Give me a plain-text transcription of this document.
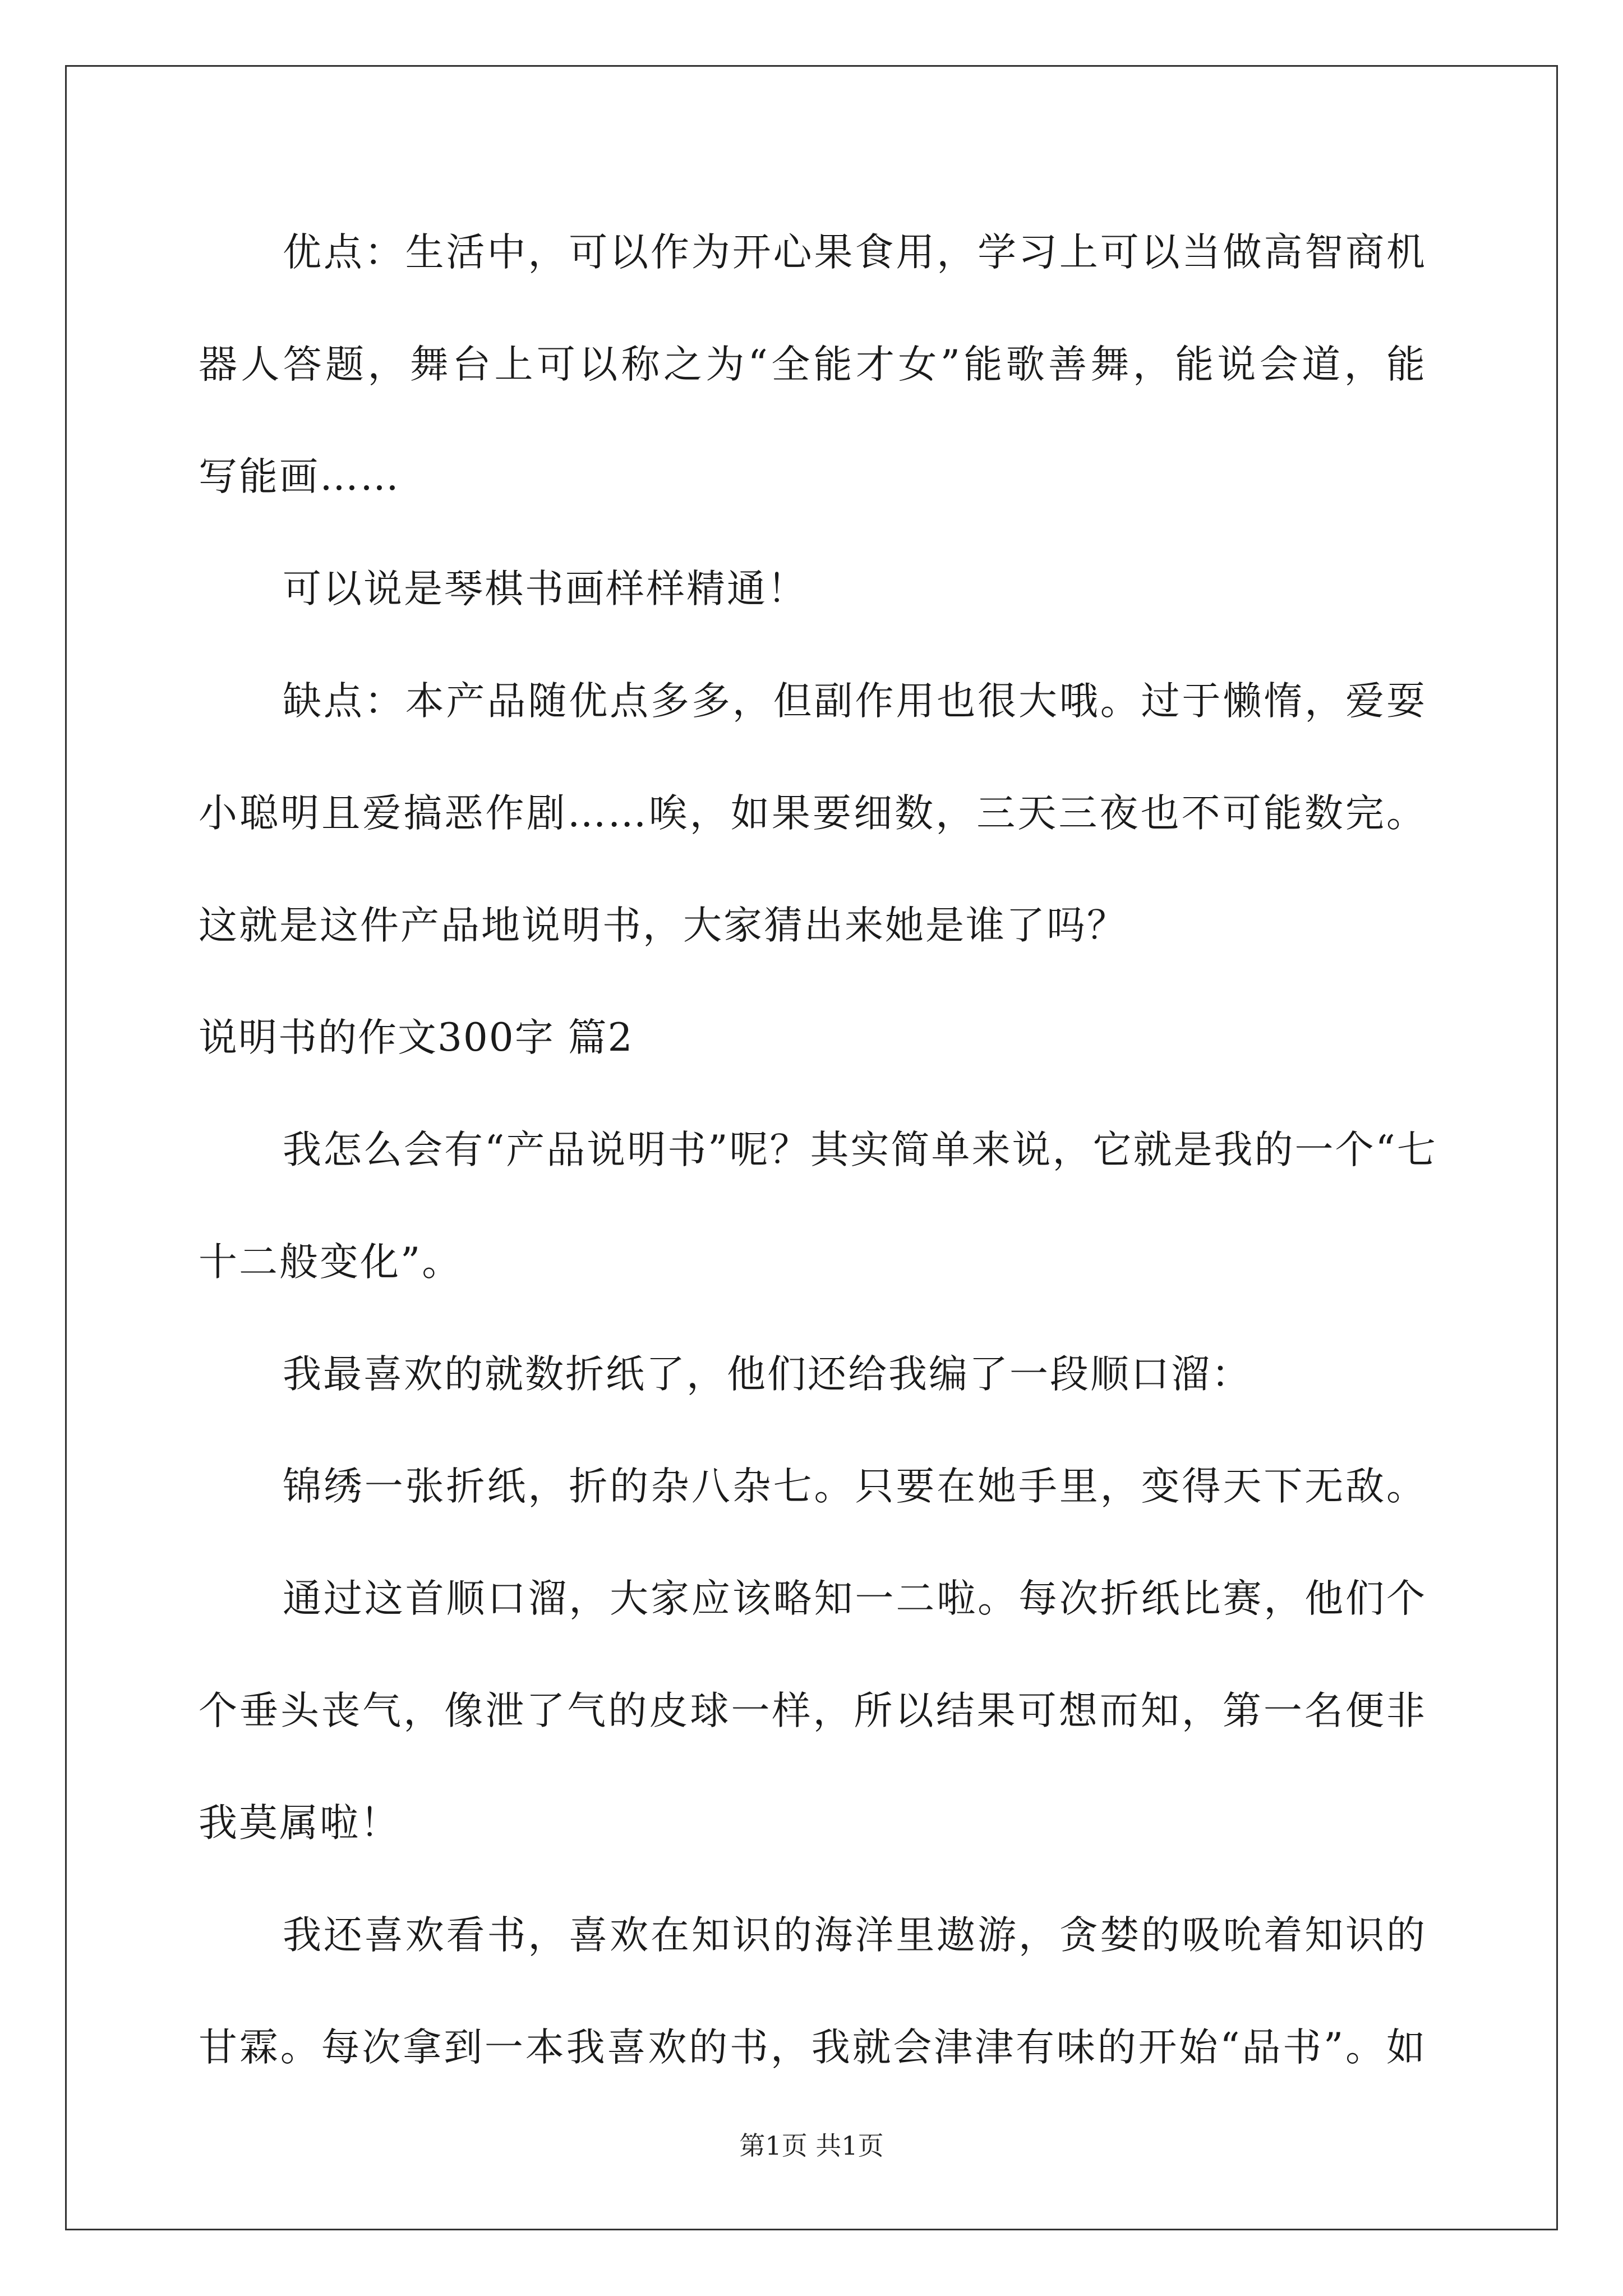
优点：生活中，可以作为开心果食用，学习上可以当做高智商机
器人答题，舞台上可以称之为“全能才女”能歌善舞，能说会道，能
写能画……
可以说是琴棋书画样样精通！
缺点：本产品随优点多多，但副作用也很大哦。过于懒惰，爱耍
小聪明且爱搞恶作剧……唉，如果要细数，三天三夜也不可能数完。
这就是这件产品地说明书，大家猜出来她是谁了吗？
说明书的作文300字 篇2
我怎么会有“产品说明书”呢？其实简单来说，它就是我的一个“七
十二般变化”。
我最喜欢的就数折纸了，他们还给我编了一段顺口溜：
锦绣一张折纸，折的杂八杂七。只要在她手里，变得天下无敌。
通过这首顺口溜，大家应该略知一二啦。每次折纸比赛，他们个
个垂头丧气，像泄了气的皮球一样，所以结果可想而知，第一名便非
我莫属啦！
我还喜欢看书，喜欢在知识的海洋里遨游，贪婪的吸吮着知识的
甘霖。每次拿到一本我喜欢的书，我就会津津有味的开始“品书”。如
第1页 共1页
